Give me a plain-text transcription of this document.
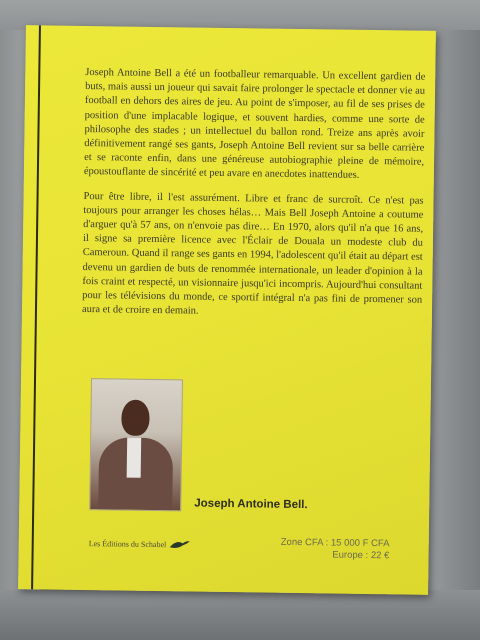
Joseph Antoine Bell a été un footballeur remarquable. Un excellent gardien de buts, mais aussi un joueur qui savait faire prolonger le spectacle et donner vie au football en dehors des aires de jeu. Au point de s'imposer, au fil de ses prises de position d'une implacable logique, et souvent hardies, comme une sorte de philosophe des stades ; un intellectuel du ballon rond. Treize ans après avoir définitivement rangé ses gants, Joseph Antoine Bell revient sur sa belle carrière et se raconte enfin, dans une généreuse autobiographie pleine de mémoire, époustouflante de sincérité et peu avare en anecdotes inattendues.

Pour être libre, il l'est assurément. Libre et franc de surcroît. Ce n'est pas toujours pour arranger les choses hélas… Mais Bell Joseph Antoine a coutume d'arguer qu'à 57 ans, on n'envoie pas dire… En 1970, alors qu'il n'a que 16 ans, il signe sa première licence avec l'Éclair de Douala un modeste club du Cameroun. Quand il range ses gants en 1994, l'adolescent qu'il était au départ est devenu un gardien de buts de renommée internationale, un leader d'opinion à la fois craint et respecté, un visionnaire jusqu'ici incompris. Aujourd'hui consultant pour les télévisions du monde, ce sportif intégral n'a pas fini de promener son aura et de croire en demain.

Joseph Antoine Bell.
Les Éditions du Schabel	Zone CFA : 15 000 F CFA
Europe : 22 €
